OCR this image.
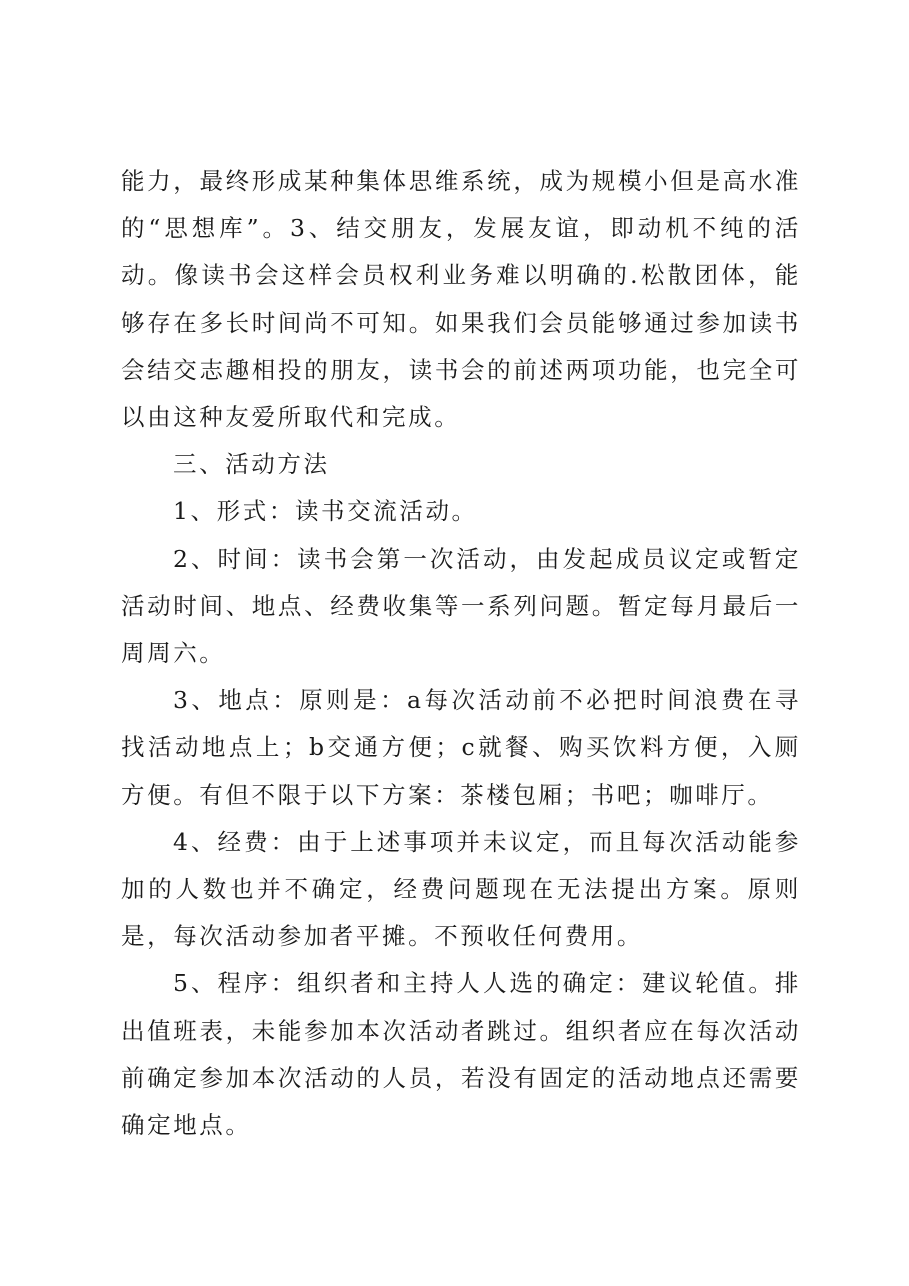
能力，最终形成某种集体思维系统，成为规模小但是高水准的“思想库”。3、结交朋友，发展友谊，即动机不纯的活动。像读书会这样会员权利业务难以明确的.松散团体，能够存在多长时间尚不可知。如果我们会员能够通过参加读书会结交志趣相投的朋友，读书会的前述两项功能，也完全可以由这种友爱所取代和完成。

三、活动方法

1、形式：读书交流活动。

2、时间：读书会第一次活动，由发起成员议定或暂定活动时间、地点、经费收集等一系列问题。暂定每月最后一周周六。

3、地点：原则是：a每次活动前不必把时间浪费在寻找活动地点上；b交通方便；c就餐、购买饮料方便，入厕方便。有但不限于以下方案：茶楼包厢；书吧；咖啡厅。

4、经费：由于上述事项并未议定，而且每次活动能参加的人数也并不确定，经费问题现在无法提出方案。原则是，每次活动参加者平摊。不预收任何费用。

5、程序：组织者和主持人人选的确定：建议轮值。排出值班表，未能参加本次活动者跳过。组织者应在每次活动前确定参加本次活动的人员，若没有固定的活动地点还需要确定地点。
